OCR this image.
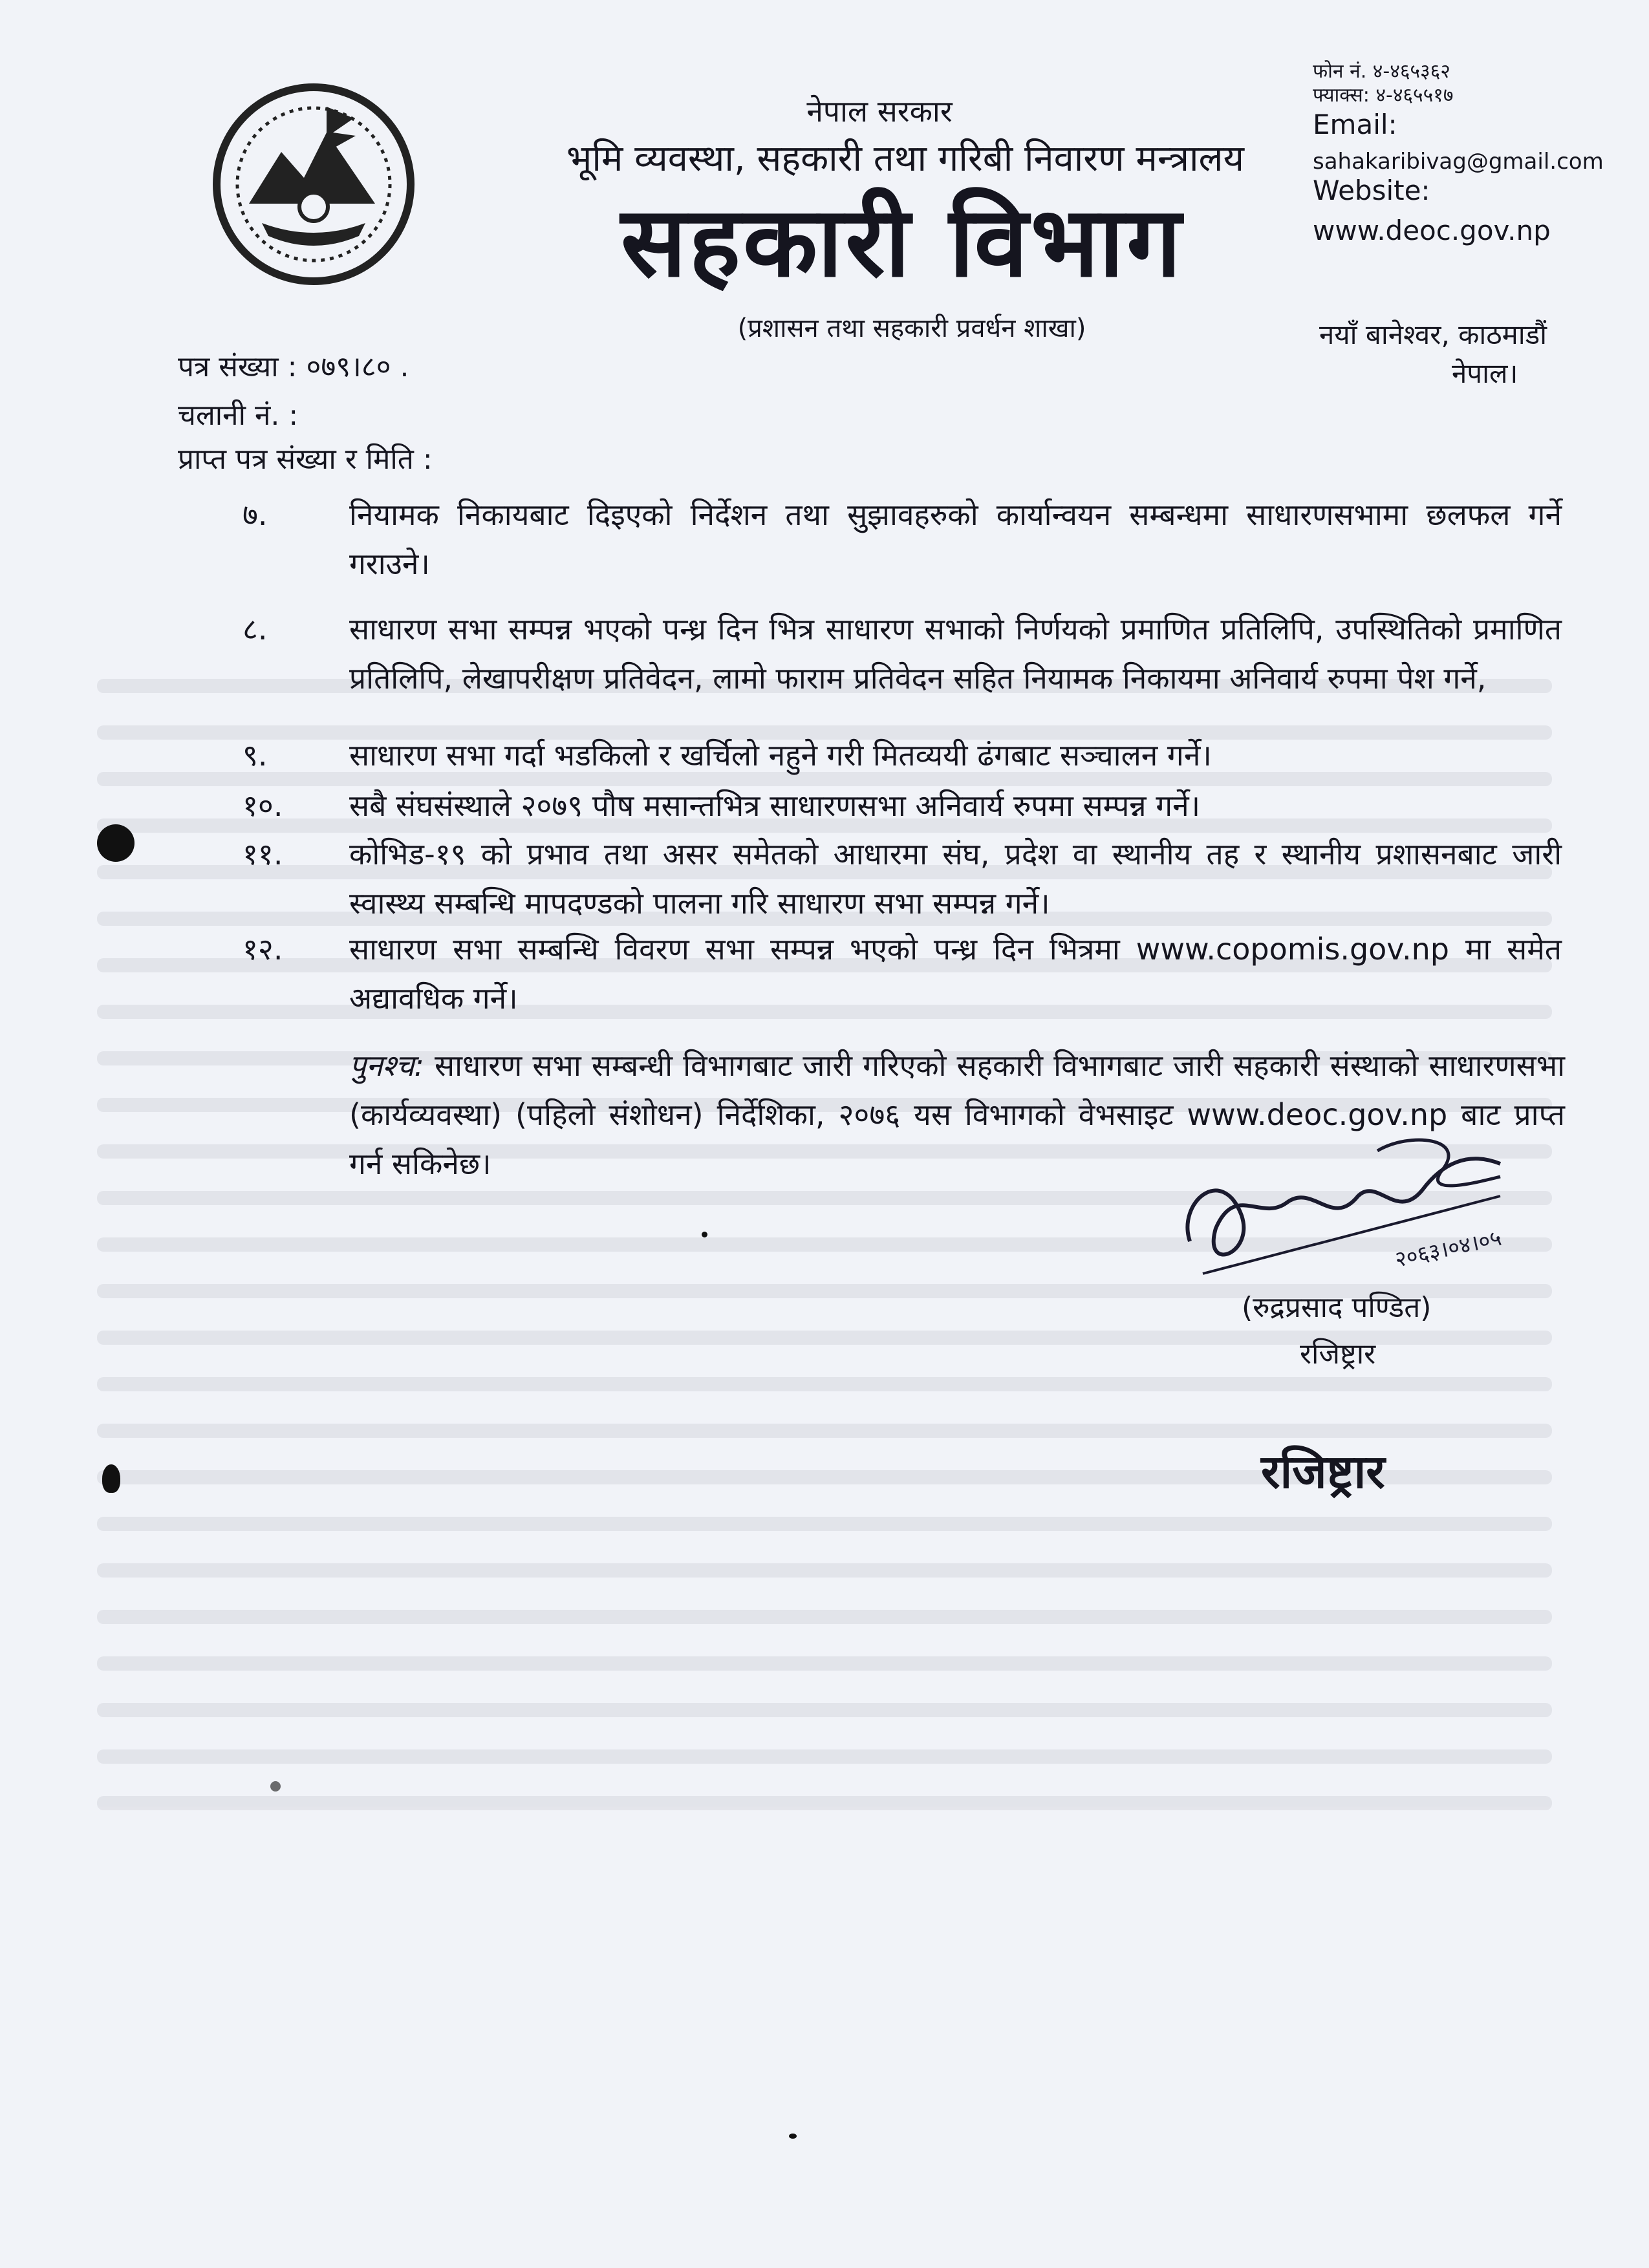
नेपाल सरकार
भूमि व्यवस्था, सहकारी तथा गरिबी निवारण मन्त्रालय
सहकारी विभाग
(प्रशासन तथा सहकारी प्रवर्धन शाखा)
फोन नं. ४-४६५३६२
फ्याक्स: ४-४६५५१७
Email:
sahakaribivag@gmail.com
Website:
www.deoc.gov.np
नयाँ बानेश्वर, काठमाडौं
नेपाल।
पत्र संख्या : ०७९।८० .
चलानी नं. :
प्राप्त पत्र संख्या र मिति :
७.	नियामक निकायबाट दिइएको निर्देशन तथा सुझावहरुको कार्यान्वयन सम्बन्धमा साधारणसभामा छलफल गर्ने गराउने।
८.	साधारण सभा सम्पन्न भएको पन्ध्र दिन भित्र साधारण सभाको निर्णयको प्रमाणित प्रतिलिपि, उपस्थितिको प्रमाणित प्रतिलिपि, लेखापरीक्षण प्रतिवेदन, लामो फाराम प्रतिवेदन सहित नियामक निकायमा अनिवार्य रुपमा पेश गर्ने,
९.	साधारण सभा गर्दा भडकिलो र खर्चिलो नहुने गरी मितव्ययी ढंगबाट सञ्चालन गर्ने।
१०.	सबै संघसंस्थाले २०७९ पौष मसान्तभित्र साधारणसभा अनिवार्य रुपमा सम्पन्न गर्ने।
११.	कोभिड-१९ को प्रभाव तथा असर समेतको आधारमा संघ, प्रदेश वा स्थानीय तह र स्थानीय प्रशासनबाट जारी स्वास्थ्य सम्बन्धि मापदण्डको पालना गरि साधारण सभा सम्पन्न गर्ने।
१२.	साधारण सभा सम्बन्धि विवरण सभा सम्पन्न भएको पन्ध्र दिन भित्रमा www.copomis.gov.np मा समेत अद्यावधिक गर्ने।
पुनश्च: साधारण सभा सम्बन्धी विभागबाट जारी गरिएको सहकारी विभागबाट जारी सहकारी संस्थाको साधारणसभा (कार्यव्यवस्था) (पहिलो संशोधन) निर्देशिका, २०७६ यस विभागको वेभसाइट www.deoc.gov.np बाट प्राप्त गर्न सकिनेछ।
२०६३।०४।०५
(रुद्रप्रसाद पण्डित)
रजिष्ट्रार
रजिष्ट्रार
